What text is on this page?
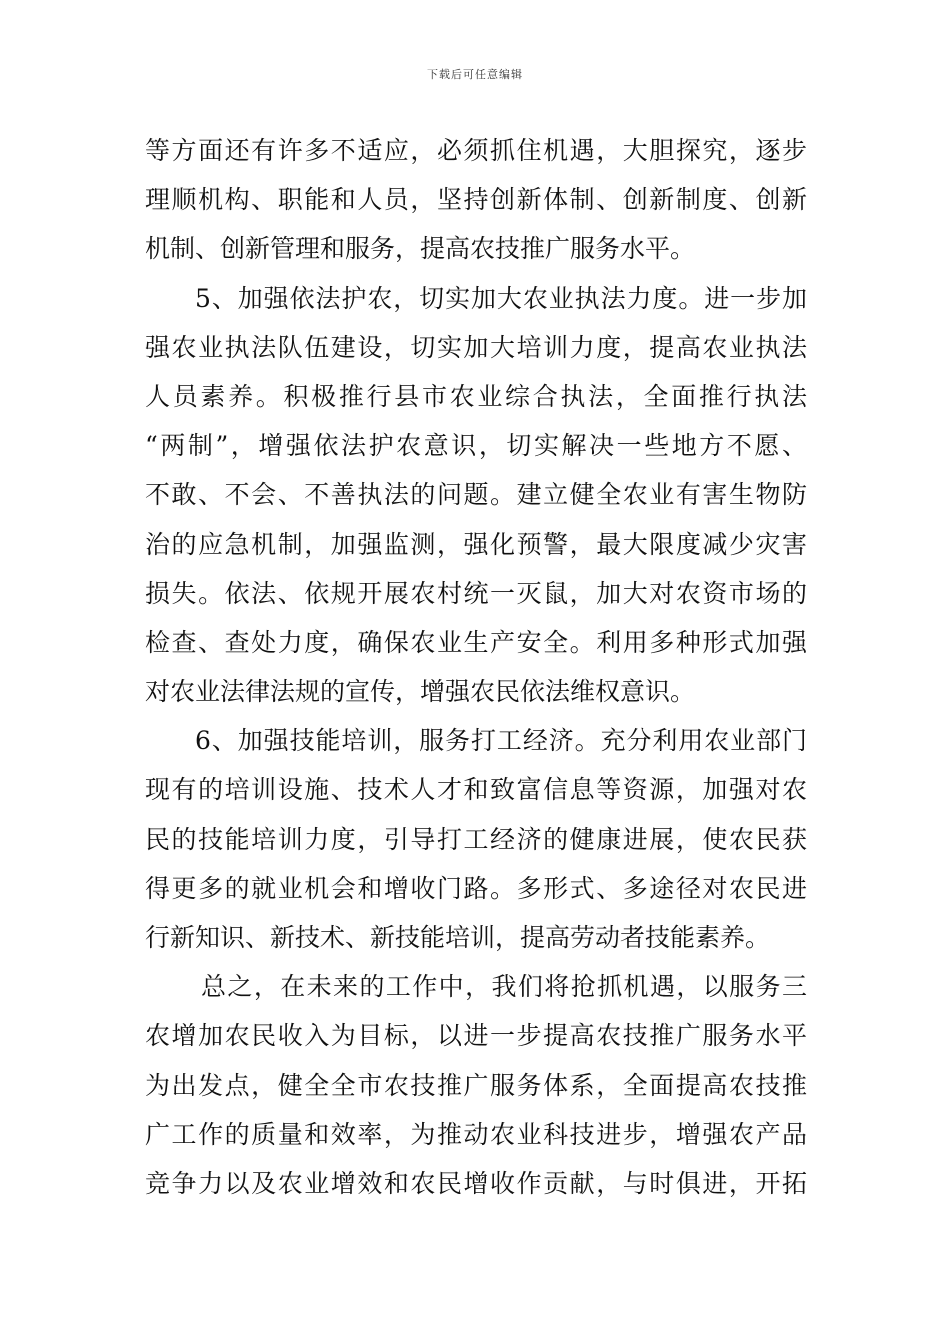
下载后可任意编辑
等方面还有许多不适应，必须抓住机遇，大胆探究，逐步
理顺机构、职能和人员，坚持创新体制、创新制度、创新
机制、创新管理和服务，提高农技推广服务水平。
5、加强依法护农，切实加大农业执法力度。进一步加
强农业执法队伍建设，切实加大培训力度，提高农业执法
人员素养。积极推行县市农业综合执法，全面推行执法
“两制”，增强依法护农意识，切实解决一些地方不愿、
不敢、不会、不善执法的问题。建立健全农业有害生物防
治的应急机制，加强监测，强化预警，最大限度减少灾害
损失。依法、依规开展农村统一灭鼠，加大对农资市场的
检查、查处力度，确保农业生产安全。利用多种形式加强
对农业法律法规的宣传，增强农民依法维权意识。
6、加强技能培训，服务打工经济。充分利用农业部门
现有的培训设施、技术人才和致富信息等资源，加强对农
民的技能培训力度，引导打工经济的健康进展，使农民获
得更多的就业机会和增收门路。多形式、多途径对农民进
行新知识、新技术、新技能培训，提高劳动者技能素养。
总之，在未来的工作中，我们将抢抓机遇，以服务三
农增加农民收入为目标，以进一步提高农技推广服务水平
为出发点，健全全市农技推广服务体系，全面提高农技推
广工作的质量和效率，为推动农业科技进步，增强农产品
竞争力以及农业增效和农民增收作贡献，与时俱进，开拓
